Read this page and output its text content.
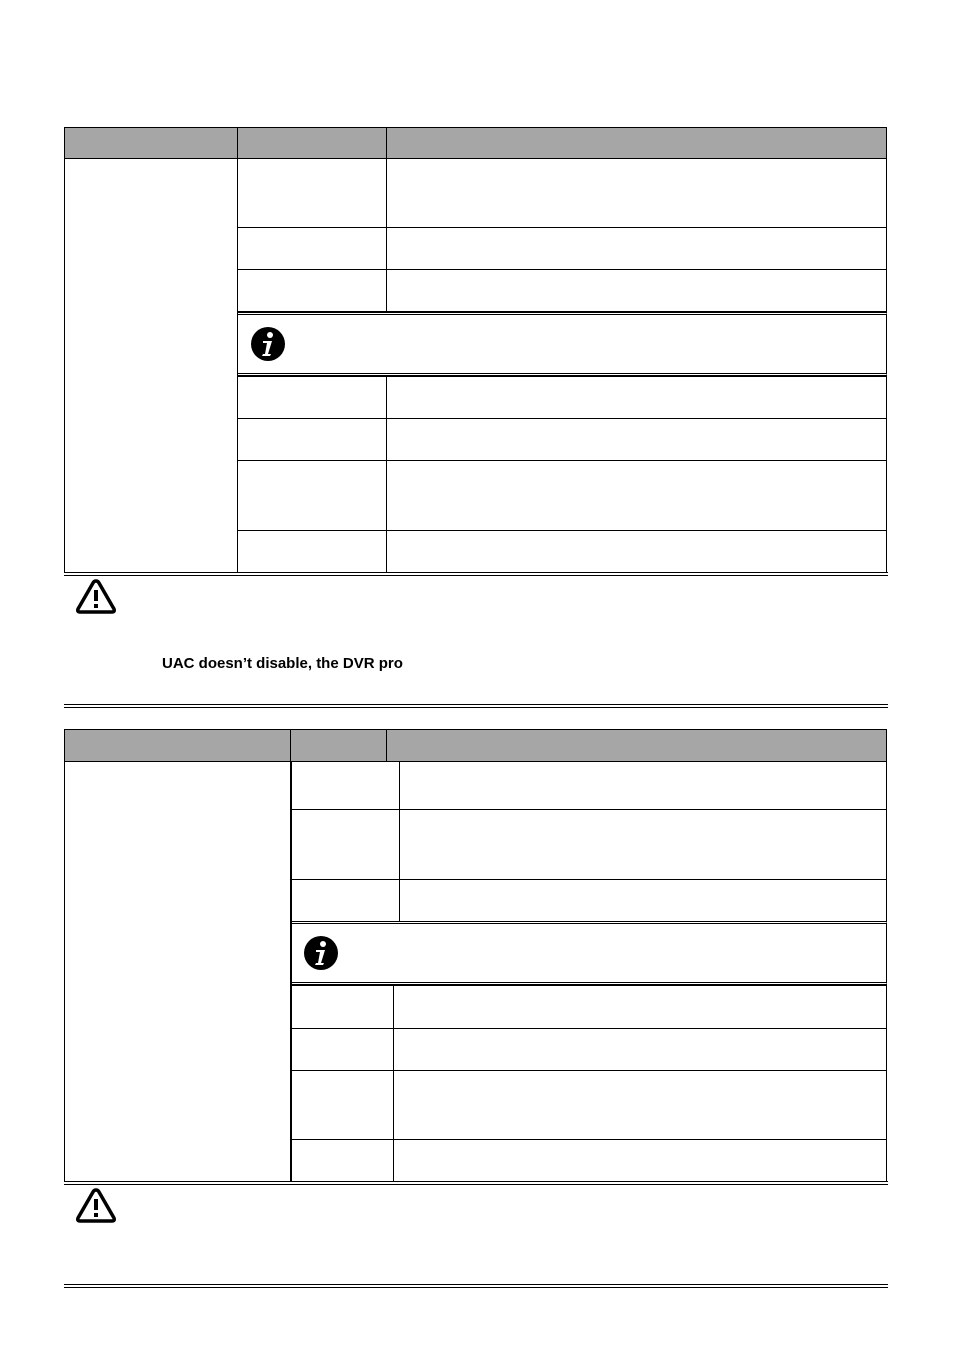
UAC doesn’t disable, the DVR pro
